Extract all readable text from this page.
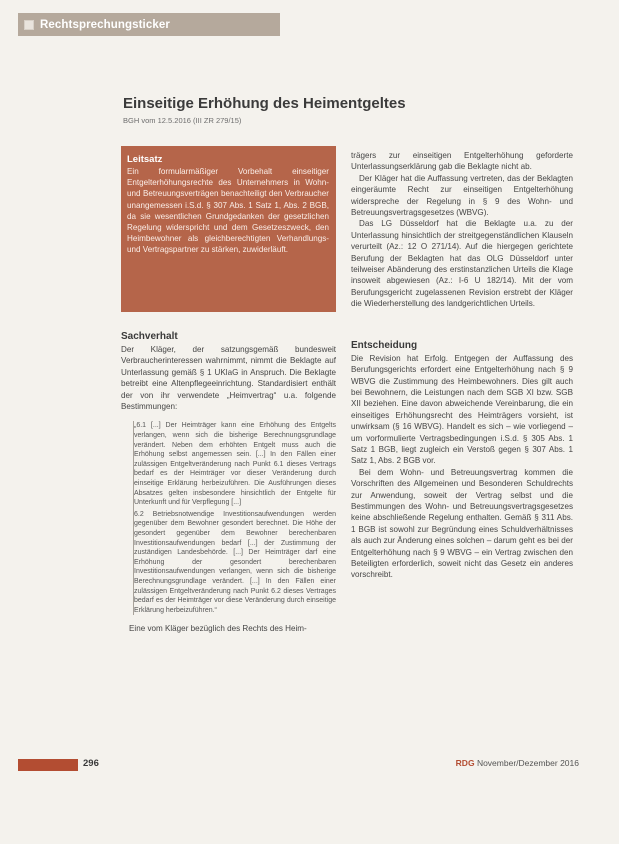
Rechtsprechungsticker
Einseitige Erhöhung des Heimentgeltes
BGH vom 12.5.2016 (III ZR 279/15)
Leitsatz
Ein formularmäßiger Vorbehalt einseitiger Entgelterhöhungsrechte des Unternehmers in Wohn- und Betreuungsverträgen benachteiligt den Verbraucher unangemessen i.S.d. § 307 Abs. 1 Satz 1, Abs. 2 BGB, da sie wesentlichen Grundgedanken der gesetzlichen Regelung widerspricht und dem Gesetzeszweck, den Heimbewohner als gleichberechtigten Verhandlungs- und Vertragspartner zu stärken, zuwiderläuft.
Sachverhalt

Der Kläger, der satzungsgemäß bundesweit Verbraucherinteressen wahrnimmt, nimmt die Beklagte auf Unterlassung gemäß § 1 UKlaG in Anspruch. Die Beklagte betreibt eine Altenpflegeeinrichtung. Standardisiert enthält der von ihr verwendete „Heimvertrag“ u.a. folgende Bestimmungen:

„6.1 [...] Der Heimträger kann eine Erhöhung des Entgelts verlangen, wenn sich die bisherige Berechnungsgrundlage verändert. Neben dem erhöhten Entgelt muss auch die Erhöhung selbst angemessen sein. [...] In den Fällen einer zulässigen Entgeltveränderung nach Punkt 6.1 dieses Vertrags bedarf es der Heimträger vor dieser Veränderung durch einseitige Erklärung herbeizuführen. Die Ausführungen dieses Absatzes gelten insbesondere hinsichtlich der Entgelte für Unterkunft und für Verpflegung [...]

6.2 Betriebsnotwendige Investitionsaufwendungen werden gegenüber dem Bewohner gesondert berechnet. Die Höhe der gesondert gegenüber dem Bewohner berechenbaren Investitionsaufwendungen bedarf [...] der Zustimmung der zuständigen Landesbehörde. [...] Der Heimträger darf eine Erhöhung der gesondert berechenbaren Investitionsaufwendungen verlangen, wenn sich die bisherige Berechnungsgrundlage verändert. [...] In den Fällen einer zulässigen Entgeltveränderung nach Punkt 6.2 dieses Vertrages bedarf es der Heimträger vor diese Veränderung durch einseitige Erklärung herbeizuführen.“

Eine vom Kläger bezüglich des Rechts des Heim-

trägers zur einseitigen Entgelterhöhung geforderte Unterlassungserklärung gab die Beklagte nicht ab.

Der Kläger hat die Auffassung vertreten, das der Beklagten eingeräumte Recht zur einseitigen Entgelterhöhung widerspreche der Regelung in § 9 des Wohn- und Betreuungsvertragsgesetzes (WBVG).

Das LG Düsseldorf hat die Beklagte u.a. zu der Unterlassung hinsichtlich der streitgegenständlichen Klauseln verurteilt (Az.: 12 O 271/14). Auf die hiergegen gerichtete Berufung der Beklagten hat das OLG Düsseldorf unter teilweiser Abänderung des erstinstanzlichen Urteils die Klage insoweit abgewiesen (Az.: I-6 U 182/14). Mit der vom Berufungsgericht zugelassenen Revision erstrebt der Kläger die Wiederherstellung des landgerichtlichen Urteils.

Entscheidung

Die Revision hat Erfolg. Entgegen der Auffassung des Berufungsgerichts erfordert eine Entgelterhöhung nach § 9 WBVG die Zustimmung des Heimbewohners. Dies gilt auch bei Bewohnern, die Leistungen nach dem SGB XI bzw. SGB XII beziehen. Eine davon abweichende Vereinbarung, die ein einseitiges Erhöhungsrecht des Heimträgers vorsieht, ist unwirksam (§ 16 WBVG). Handelt es sich – wie vorliegend – um vorformulierte Vertragsbedingungen i.S.d. § 305 Abs. 1 Satz 1 BGB, liegt zugleich ein Verstoß gegen § 307 Abs. 1 Satz 1, Abs. 2 BGB vor.

Bei dem Wohn- und Betreuungsvertrag kommen die Vorschriften des Allgemeinen und Besonderen Schuldrechts zur Anwendung, soweit der Vertrag selbst und die Bestimmungen des Wohn- und Betreuungsvertragsgesetzes keine abschließende Regelung enthalten. Gemäß § 311 Abs. 1 BGB ist sowohl zur Begründung eines Schuldverhältnisses als auch zur Änderung eines solchen – darum geht es bei der Entgelterhöhung nach § 9 WBVG – ein Vertrag zwischen den Beteiligten erforderlich, soweit nicht das Gesetz ein anderes vorschreibt.

296	RDG November/Dezember 2016
